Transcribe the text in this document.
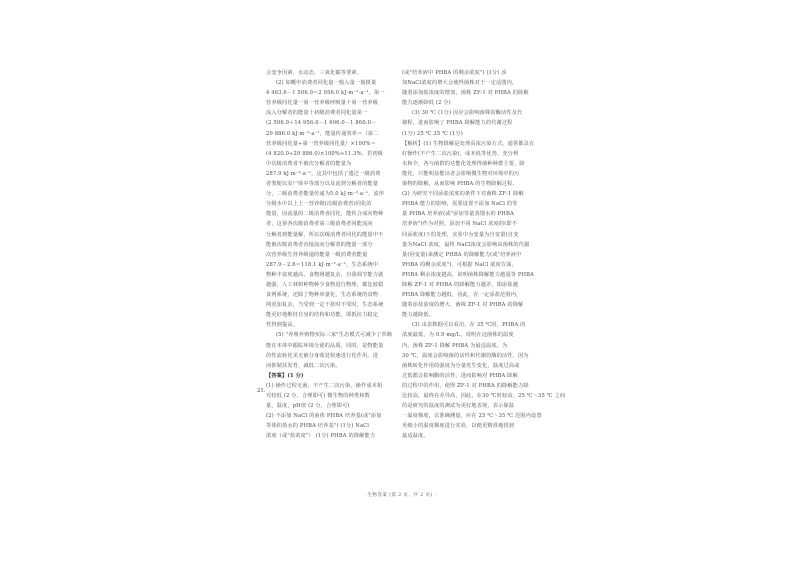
会变争因素，水动态，三氧化碳等要素。
(2) 如概中消费者同化量一般入量一般摄量
4 463.6－1 506.0＝2 956.0 kJ·m⁻²·a⁻¹，第一
营养级同化量一第一营养级呼吸量十第一营养级
流入分解者的能量十初级消费者同化量第一
(2 506.0＋14 956.0－1 606.0－1 860.0－
29 886.0 kJ·m⁻²·a⁻¹，能量传递效率＝（第二
营养级同化量÷第一营养级同化量）×100%＝
(4 820.0÷29 886.0)×100%≈11.3%，若初级
中次级消费者不被次分解者的能量为
287.9 kJ·m⁻²·a⁻¹，这其中包括了遗迁一级消费
者粪便以及尸体中等部分以及流到分解者的能量
分，二级消费者能量传递为5.0 kJ·m⁻²·a⁻¹，流形
分级水中以上上一营养级(次级消费者)同化的
能量，因流量的二级消费者同化，能传合成向物种
者，这第各次级消费者第三级消费者同能流向
分解者到能量解，所以次级消费者同化的能量中不
能被次级消费者直接流向分解者的能量一部分
次营养级生营养级递的能量一级消费者能量
287.9－2.6＝118.1 kJ·m⁻²·a⁻¹，生态系统中
物种丰富度越高，食物网越复杂，自我调节能力就
越强，人工林树种物种少食物进行物理，都比较稳
食网系统，还除了物种单量化，生态系统的食物
网更加复杂，当受到一定干扰时不受时，生态系统
能更好地维持自身的结构和功能，即抵抗力稳定
性得到提高。
(5) "养殖养殖物实际三家"生态模式可减少了草锄
能在本体中跟踪环境分泌的品质，同时，是物能量
的性流转化美无被分身收处快速进行化作用。进
而抑制其发育，减低二次污染。
【答案】(1 分)
(1) 操作过程无菌，不产生二次污染，操作成本相
对较低 (2 分，合理即可) 微生物的种类和数
量，温度，pH值 (2 分，合理即可)
(2) 不添加 NaCl 的液体 PHBA 培养基(或"添加
等体积蒸水的 PHBA 培养基") (1分) NaCl
浓度（或"盐浓度"） (1分) PHBA 的降解能力
21.
(或"培养液中 PHBA 的剩余浓度") (1分) 添
加NaCl浓度的增大会使得菌株对于一定适图内，
随着添加盐浓度的增加，菌株 ZF-1 对 PHBA 的降解
能力逐渐降低 (2 分)
(3) 30 ℃ (1分) 因应会影响菌株的酶活性及代
谢程，进而影响了 PHBA 降解能力的代谢过程
(1分) 25 ℃ 35 ℃ (1分)
【解析】(1) 生物降解是处理高浓污染方式，通常都具有
好操作(不产生二次污染)，成本低等优势，充分利
水和介，各与菌群的达能化处理得菌种种群主要，降
能化，只能明显能证者会影响微生物对环境中的污
染物的降解，从而影响 PHBA 的生物降解过程。
(2) 为研究不同添盐浓度的条件下对菌株 ZF-1 降解
PHBA 能力的影响，需要设置不添加 NaCl 的等
量 PHBA 培养液(或"添加等量蒸馏水的 PHBA
培养液")作为对照，添加不同 NaCl 浓度的(即不
同添盐度)下的处理，实验中为变量为自变量(自变
量为NaCl 浓度，最终 NaCl浓度会影响由菌株的代谢
量(因变量)来测定 PHBA 的降解能力(或"培养液中
PHBA 的剩余浓度")，可根据 NaCl 浓度方面，
PHBA 剩余浓度越高，说明菌株降解能力越弱等 PHBA
降解 ZF-1 对 PHBA 的降解能力越差，即添盐越
PHBA 降解能力越低，因此，在一定添盐范围内，
随着添盐浓度的增大，菌株 ZF-1 对 PHBA 的降解
能力越降低。
(3) 由表数据可以看出，在 35 ℃时，PHBA 的
浓度最低，为 0.9 mg/L，说明在这菌株的温度
内，菌株 ZF-1 降解 PHBA 为最适温度，为
30 ℃，温度会影响菌的活性和代谢的酶的活性，因为
菌株转化作用的强度为分量发生变化，温度过高或
过低都会影响酶的活性，进而影响对 PHBA 降解
的过程中的作用，使得 ZF-1 对 PHBA 的降解能力降
比较高，最终在差异高，因此，在30 ℃时较高，25 ℃～35 ℃ 之间
的是研究的温度的测试为更好地表现，表示保温
一温度梯度，以准确测量，应在 25 ℃～35 ℃ 范围内设置
更细小的温度梯度进行实验，以便更精准地找到
最适温度。
· 生物答案 (第 2 页，共 2 页) ·
